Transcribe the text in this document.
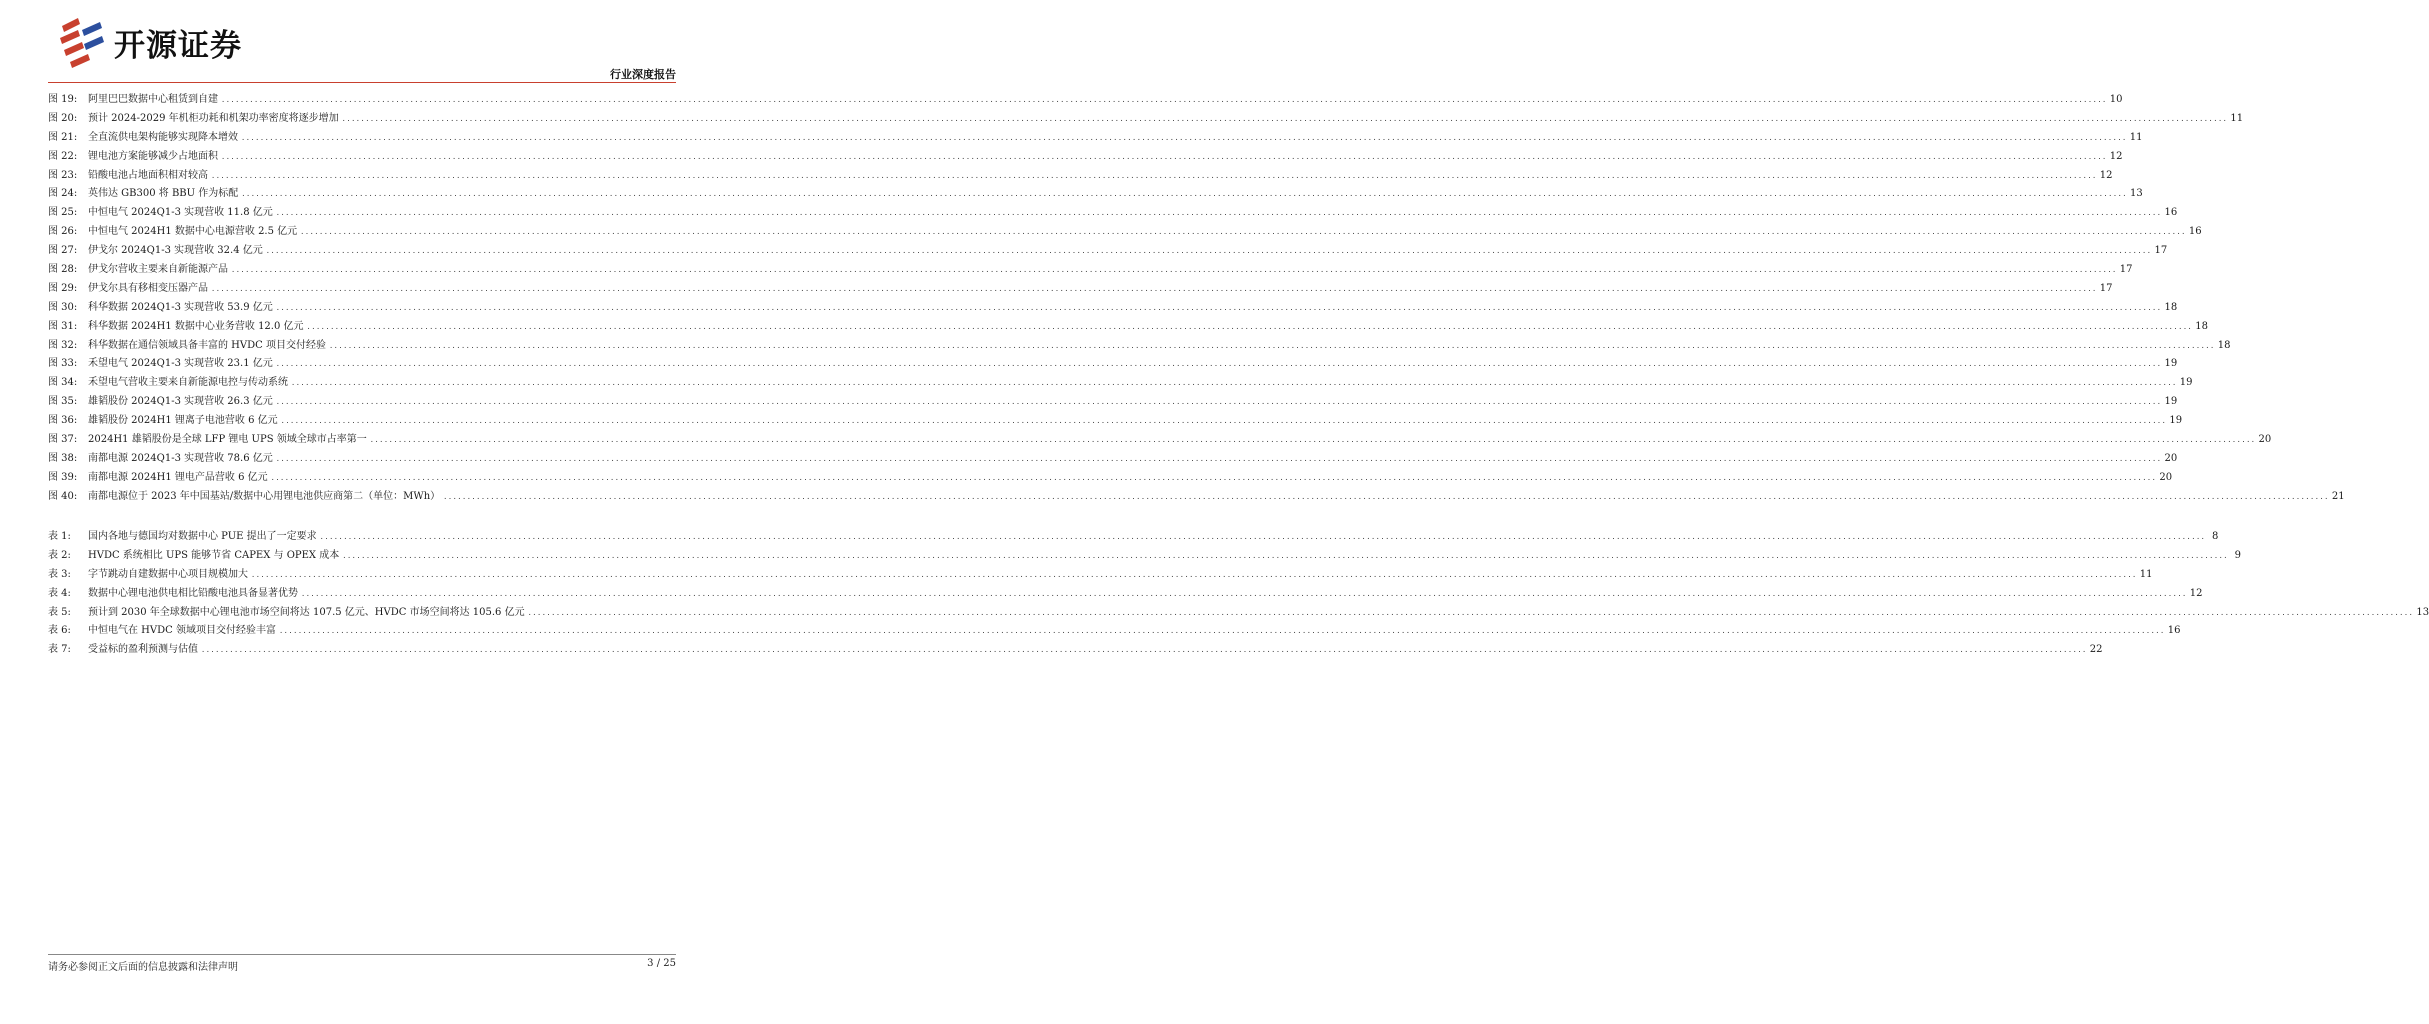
开源证券
行业深度报告
图 19:	阿里巴巴数据中心租赁到自建 ................................................................................................................................................................................................................................................................................................................................................................................................................ 10
图 20:	预计 2024-2029 年机柜功耗和机架功率密度将逐步增加 ................................................................................................................................................................................................................................................................................................................................................................................................................ 11
图 21:	全直流供电架构能够实现降本增效 ................................................................................................................................................................................................................................................................................................................................................................................................................ 11
图 22:	锂电池方案能够减少占地面积 ................................................................................................................................................................................................................................................................................................................................................................................................................ 12
图 23:	铅酸电池占地面积相对较高 ................................................................................................................................................................................................................................................................................................................................................................................................................ 12
图 24:	英伟达 GB300 将 BBU 作为标配 ................................................................................................................................................................................................................................................................................................................................................................................................................ 13
图 25:	中恒电气 2024Q1-3 实现营收 11.8 亿元 ................................................................................................................................................................................................................................................................................................................................................................................................................ 16
图 26:	中恒电气 2024H1 数据中心电源营收 2.5 亿元 ................................................................................................................................................................................................................................................................................................................................................................................................................ 16
图 27:	伊戈尔 2024Q1-3 实现营收 32.4 亿元 ................................................................................................................................................................................................................................................................................................................................................................................................................ 17
图 28:	伊戈尔营收主要来自新能源产品 ................................................................................................................................................................................................................................................................................................................................................................................................................ 17
图 29:	伊戈尔具有移相变压器产品 ................................................................................................................................................................................................................................................................................................................................................................................................................ 17
图 30:	科华数据 2024Q1-3 实现营收 53.9 亿元 ................................................................................................................................................................................................................................................................................................................................................................................................................ 18
图 31:	科华数据 2024H1 数据中心业务营收 12.0 亿元 ................................................................................................................................................................................................................................................................................................................................................................................................................ 18
图 32:	科华数据在通信领域具备丰富的 HVDC 项目交付经验 ................................................................................................................................................................................................................................................................................................................................................................................................................ 18
图 33:	禾望电气 2024Q1-3 实现营收 23.1 亿元 ................................................................................................................................................................................................................................................................................................................................................................................................................ 19
图 34:	禾望电气营收主要来自新能源电控与传动系统 ................................................................................................................................................................................................................................................................................................................................................................................................................ 19
图 35:	雄韬股份 2024Q1-3 实现营收 26.3 亿元 ................................................................................................................................................................................................................................................................................................................................................................................................................ 19
图 36:	雄韬股份 2024H1 锂离子电池营收 6 亿元 ................................................................................................................................................................................................................................................................................................................................................................................................................ 19
图 37:	2024H1 雄韬股份是全球 LFP 锂电 UPS 领域全球市占率第一 ................................................................................................................................................................................................................................................................................................................................................................................................................ 20
图 38:	南都电源 2024Q1-3 实现营收 78.6 亿元 ................................................................................................................................................................................................................................................................................................................................................................................................................ 20
图 39:	南都电源 2024H1 锂电产品营收 6 亿元 ................................................................................................................................................................................................................................................................................................................................................................................................................ 20
图 40:	南都电源位于 2023 年中国基站/数据中心用锂电池供应商第二（单位：MWh） ................................................................................................................................................................................................................................................................................................................................................................................................................ 21
表 1:	国内各地与德国均对数据中心 PUE 提出了一定要求 ................................................................................................................................................................................................................................................................................................................................................................................................................ 8
表 2:	HVDC 系统相比 UPS 能够节省 CAPEX 与 OPEX 成本 ................................................................................................................................................................................................................................................................................................................................................................................................................ 9
表 3:	字节跳动自建数据中心项目规模加大 ................................................................................................................................................................................................................................................................................................................................................................................................................ 11
表 4:	数据中心锂电池供电相比铅酸电池具备显著优势 ................................................................................................................................................................................................................................................................................................................................................................................................................ 12
表 5:	预计到 2030 年全球数据中心锂电池市场空间将达 107.5 亿元、HVDC 市场空间将达 105.6 亿元 ................................................................................................................................................................................................................................................................................................................................................................................................................ 13
表 6:	中恒电气在 HVDC 领域项目交付经验丰富 ................................................................................................................................................................................................................................................................................................................................................................................................................ 16
表 7:	受益标的盈利预测与估值 ................................................................................................................................................................................................................................................................................................................................................................................................................ 22
请务必参阅正文后面的信息披露和法律声明	3 / 25
